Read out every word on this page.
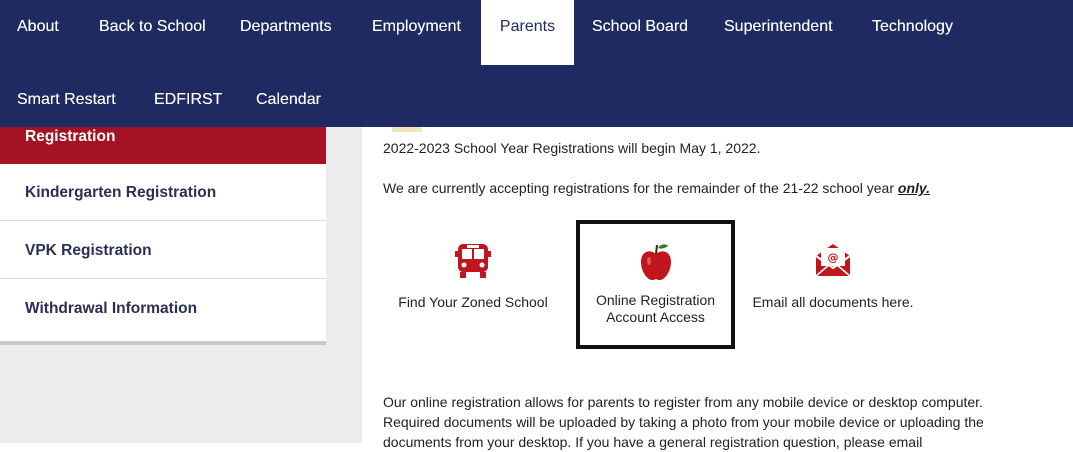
About	Back to School Departments	Employment	Parents	School Board Superintendent Technology
Smart Restart EDFIRST Calendar
Registration
Kindergarten Registration
VPK Registration
Withdrawal Information
2022-2023 School Year Registrations will begin May 1, 2022.
We are currently accepting registrations for the remainder of the 21-22 school year only.
Find Your Zoned School	Online Registration
Account Access
@
Email all documents here.
Our online registration allows for parents to register from any mobile device or desktop computer. Required documents will be uploaded by taking a photo from your mobile device or uploading the documents from your desktop. If you have a general registration question, please email
